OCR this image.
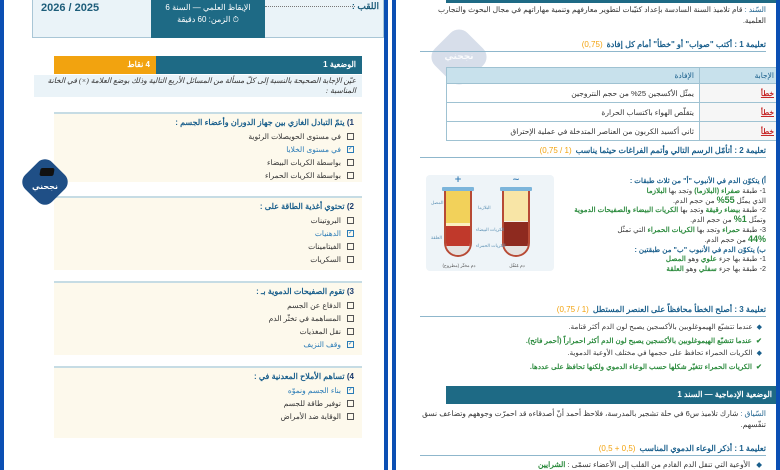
2026 / 2025	الإيقاظ العلمي — السنة 6
الزمن: 60 دقيقة ⏱
اللقب :
4 نقاط	الوضعية 1
عيّن الإجابة الصحيحة بالنسبة إلى كلّ مسألة من المسائل الأربع التالية وذلك بوضع العلامة (×) في الخانة المناسبة :
1) يتمّ التبادل الغازي بين جهاز الدوران وأعضاء الجسم :
في مستوى الحويصلات الرئوية
✓
في مستوى الخلايا
بواسطة الكريات البيضاء
بواسطة الكريات الحمراء
2) تحتوي أغذية الطاقة على :
البروتينات
✓
الدهنيات
الفيتامينات
السكريات
3) تقوم الصفيحات الدموية بـ :
الدفاع عن الجسم
المساهمة في تخثّر الدم
نقل المغذيات
✓
وقف النزيف
4) تساهم الأملاح المعدنية في :
✓
بناء الجسم ونموّه
توفير طاقة للجسم
الوقاية ضد الأمراض
نجحني
السّند : قام تلاميذ السنة السادسة بإعداد كتيّبات لتطوير معارفهم وتنمية مهاراتهم في مجال البحوث والتجارب العلمية.
نجحني
تعليمة 1 : أكتب "صواب" أو "خطأ" أمام كل إفادة(0,75)
الإجابة	الإفادة
خطأ	يمثّل الأكسجين 25% من حجم النتروجين
خطأ	يتقلّص الهواء باكتساب الحرارة
خطأ	ثاني أكسيد الكربون من العناصر المتدخلة في عملية الإحتراق
تعليمة 2 : أتأمّل الرسم التالي وأتمم الفراغات حيثما يناسب(1 / 0,75)
+	~
المصل
العلقة
البلازما
الكريات البيضاء
الكريات الحمراء
دم مخثّر (مطروح)	دم مُثفّل
أ) يتكوّن الدم في الأنبوب "أ" من ثلاث طبقات :
1- طبقة صفراء (البلازما) وتجد بها البلازما
الذي يمثّل 55% من حجم الدم.
2- طبقة بيضاء رقيقة وتجد بها الكريات البيضاء والصفيحات الدموية وتمثّل 1% من حجم الدم.
3- طبقة حمراء وتجد بها الكريات الحمراء التي تمثّل
44% من حجم الدم.
ب) يتكوّن الدم في الأنبوب "ب" من طبقتين :
1- طبقة بها جزء علوي وهو المصل
2- طبقة بها جزء سفلي وهو العلقة
تعليمة 3 : أصلح الخطأ محافظاً على العنصر المستطل(1 / 0,75)
◆عندما تتشبّع الهيموغلوبين بالأكسجين يصبح لون الدم أكثر قتامة.
✔عندما تتشبّع الهيموغلوبين بالأكسجين يصبح لون الدم أكثر احمراراً (أحمر فاتح).
◆الكريات الحمراء تحافظ على حجمها في مختلف الأوعية الدموية.
✔الكريات الحمراء تتغيّر شكلها حسب الوعاء الدموي ولكنها تحافظ على عددها.
الوضعية الإدماجية — السند 1
السّياق : شارك تلاميذ س6 في حلة تشجير بالمدرسة، فلاحظ أحمد أنّ أصدقاءه قد احمرّت وجوههم وتضاعف نسق تنفّسهم.
تعليمة 1 : أذكر الوعاء الدموي المناسب(0,5 + 0,5)
◆ الأوعية التي تنقل الدم القادم من القلب إلى الأعضاء تسمّى : الشرايين
